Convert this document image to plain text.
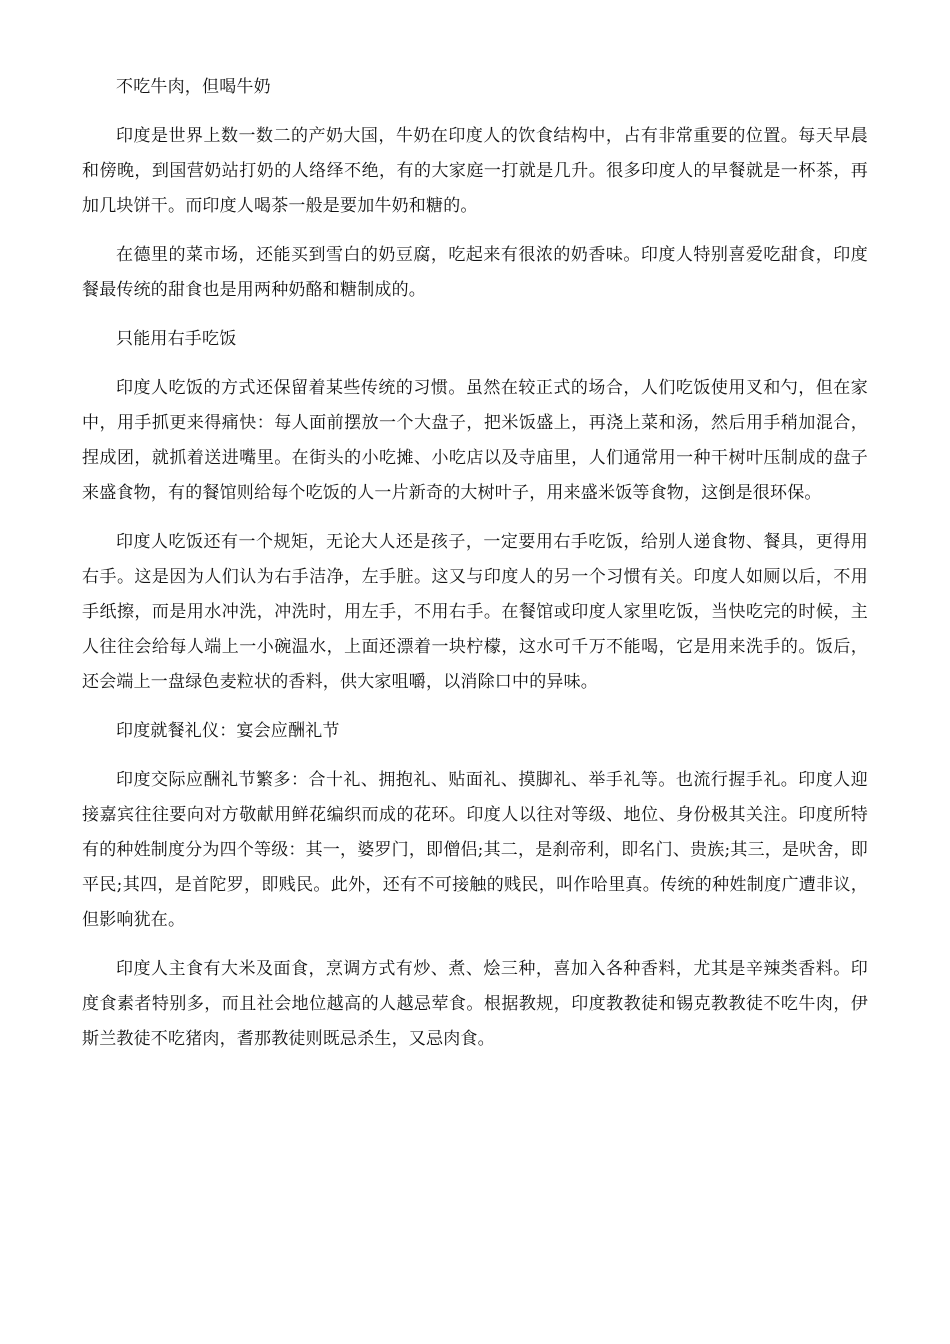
不吃牛肉，但喝牛奶

印度是世界上数一数二的产奶大国，牛奶在印度人的饮食结构中，占有非常重要的位置。每天早晨和傍晚，到国营奶站打奶的人络绎不绝，有的大家庭一打就是几升。很多印度人的早餐就是一杯茶，再加几块饼干。而印度人喝茶一般是要加牛奶和糖的。

在德里的菜市场，还能买到雪白的奶豆腐，吃起来有很浓的奶香味。印度人特别喜爱吃甜食，印度餐最传统的甜食也是用两种奶酪和糖制成的。

只能用右手吃饭

印度人吃饭的方式还保留着某些传统的习惯。虽然在较正式的场合，人们吃饭使用叉和勺，但在家中，用手抓更来得痛快：每人面前摆放一个大盘子，把米饭盛上，再浇上菜和汤，然后用手稍加混合，捏成团，就抓着送进嘴里。在街头的小吃摊、小吃店以及寺庙里，人们通常用一种干树叶压制成的盘子来盛食物，有的餐馆则给每个吃饭的人一片新奇的大树叶子，用来盛米饭等食物，这倒是很环保。

印度人吃饭还有一个规矩，无论大人还是孩子，一定要用右手吃饭，给别人递食物、餐具，更得用右手。这是因为人们认为右手洁净，左手脏。这又与印度人的另一个习惯有关。印度人如厕以后，不用手纸擦，而是用水冲洗，冲洗时，用左手，不用右手。在餐馆或印度人家里吃饭，当快吃完的时候，主人往往会给每人端上一小碗温水，上面还漂着一块柠檬，这水可千万不能喝，它是用来洗手的。饭后，还会端上一盘绿色麦粒状的香料，供大家咀嚼，以消除口中的异味。

印度就餐礼仪：宴会应酬礼节

印度交际应酬礼节繁多：合十礼、拥抱礼、贴面礼、摸脚礼、举手礼等。也流行握手礼。印度人迎接嘉宾往往要向对方敬献用鲜花编织而成的花环。印度人以往对等级、地位、身份极其关注。印度所特有的种姓制度分为四个等级：其一，婆罗门，即僧侣;其二，是刹帝利，即名门、贵族;其三，是吠舍，即平民;其四，是首陀罗，即贱民。此外，还有不可接触的贱民，叫作哈里真。传统的种姓制度广遭非议，但影响犹在。

印度人主食有大米及面食，烹调方式有炒、煮、烩三种，喜加入各种香料，尤其是辛辣类香料。印度食素者特别多，而且社会地位越高的人越忌荤食。根据教规，印度教教徒和锡克教教徒不吃牛肉，伊斯兰教徒不吃猪肉，耆那教徒则既忌杀生，又忌肉食。
